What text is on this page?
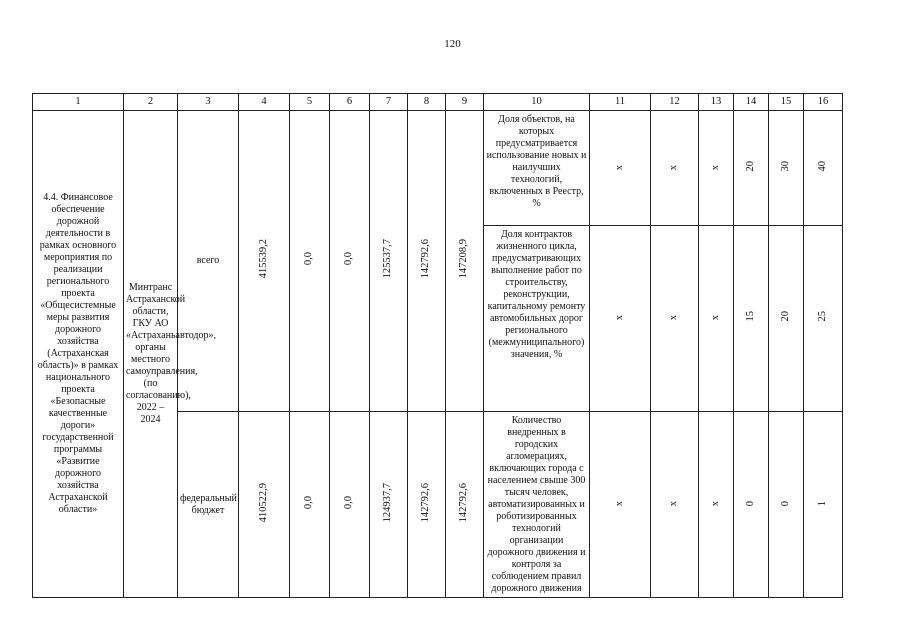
120
1	2	3	4	5	6	7	8	9	10	11	12	13	14	15	16
4.4. Финансовое обеспечение дорожной деятельности в рамках основного мероприятия по реализации регионального проекта «Общесистемные меры развития дорожного хозяйства (Астраханская область)» в рамках национального проекта «Безопасные качественные дороги» государственной программы «Развитие дорожного хозяйства Астраханской области»	Минтранс Астраханской области, ГКУ АО «Астраханьавтодор», органы местного самоуправления, (по согласованию), 2022 – 2024	всего	415539,2	0,0	0,0	125537,7	142792,6	147208,9	Доля объектов, на которых предусматривается использование новых и наилучших технологий, включенных в Реестр, %	x	x	x	20	30	40
									Доля контрактов жизненного цикла, предусматривающих выполнение работ по строительству, реконструкции, капитальному ремонту автомобильных дорог регионального (межмуниципального) значения, %	x	x	x	15	20	25
		федеральный бюджет	410522,9	0,0	0,0	124937,7	142792,6	142792,6	Количество внедренных в городских агломерациях, включающих города с населением свыше 300 тысяч человек, автоматизированных и роботизированных технологий организации дорожного движения и контроля за соблюдением правил дорожного движения	x	x	x	0	0	1
